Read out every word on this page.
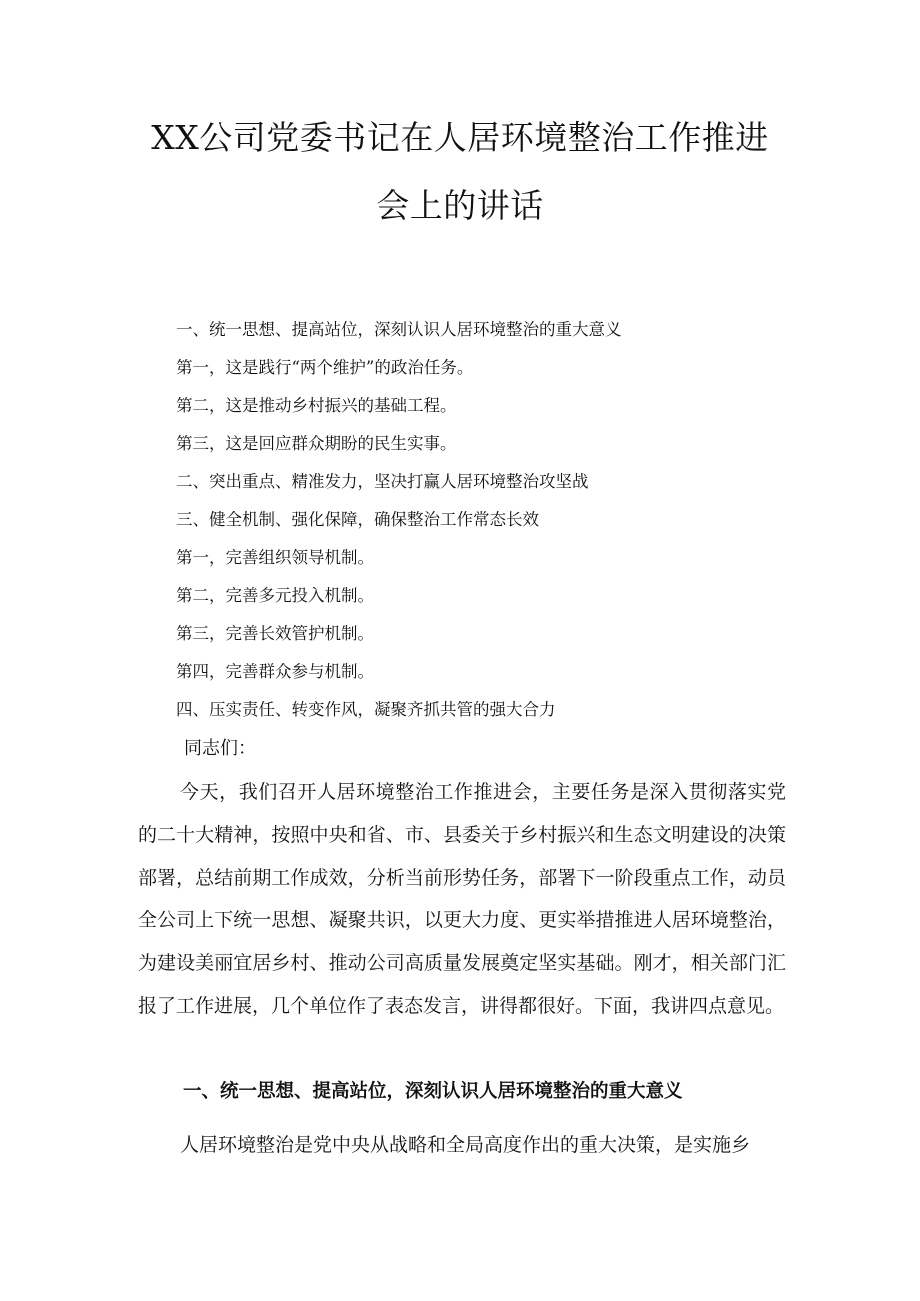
XX公司党委书记在人居环境整治工作推进
会上的讲话
一、统一思想、提高站位，深刻认识人居环境整治的重大意义
第一，这是践行“两个维护”的政治任务。
第二，这是推动乡村振兴的基础工程。
第三，这是回应群众期盼的民生实事。
二、突出重点、精准发力，坚决打赢人居环境整治攻坚战
三、健全机制、强化保障，确保整治工作常态长效
第一，完善组织领导机制。
第二，完善多元投入机制。
第三，完善长效管护机制。
第四，完善群众参与机制。
四、压实责任、转变作风，凝聚齐抓共管的强大合力

同志们：

今天，我们召开人居环境整治工作推进会，主要任务是深入贯彻落实党的二十大精神，按照中央和省、市、县委关于乡村振兴和生态文明建设的决策部署，总结前期工作成效，分析当前形势任务，部署下一阶段重点工作，动员全公司上下统一思想、凝聚共识，以更大力度、更实举措推进人居环境整治，为建设美丽宜居乡村、推动公司高质量发展奠定坚实基础。刚才，相关部门汇报了工作进展，几个单位作了表态发言，讲得都很好。下面，我讲四点意见。

一、统一思想、提高站位，深刻认识人居环境整治的重大意义

人居环境整治是党中央从战略和全局高度作出的重大决策，是实施乡
